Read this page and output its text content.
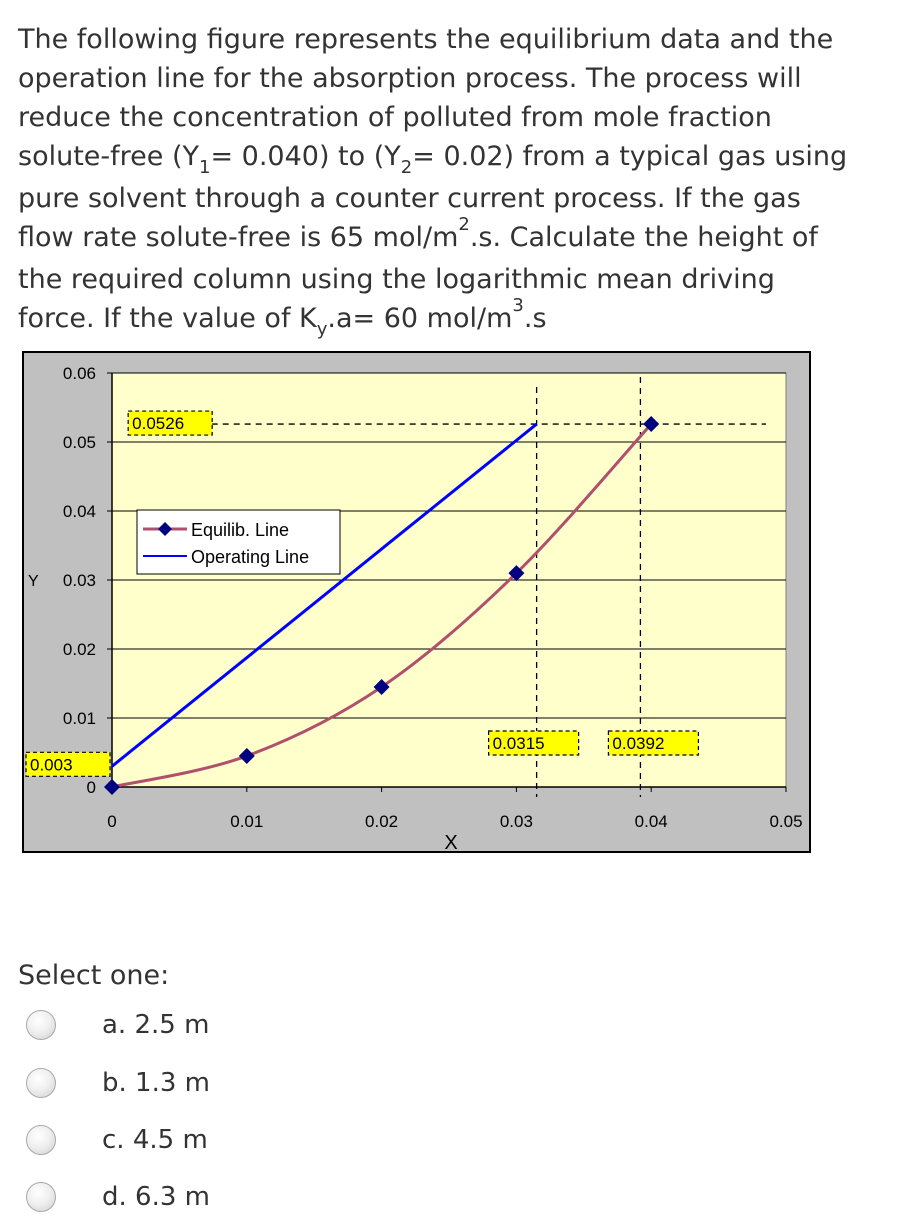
The following figure represents the equilibrium data and the

operation line for the absorption process. The process will

reduce the concentration of polluted from mole fraction

solute-free $(Y_1= 0.040)$ to $(Y_2= 0.02)$ from a typical gas using

pure solvent through a counter current process. If the gas

flow rate solute-free is 65 mol/$m^2.s$. Calculate the height of

the required column using the logarithmic mean driving

force. If the value of $K_y.a= 60$ mol/$m^3.s$

0
0.01
0.02
0.03
0.04
0.05
0.06
0	0.01	0.02	0.03	0.04	0.05
X
Y
0.0526
0.003
0.0315	0.0392
Equilib. Line
Operating Line
Select one:
a. 2.5 m
b. 1.3 m
c. 4.5 m
d. 6.3 m
